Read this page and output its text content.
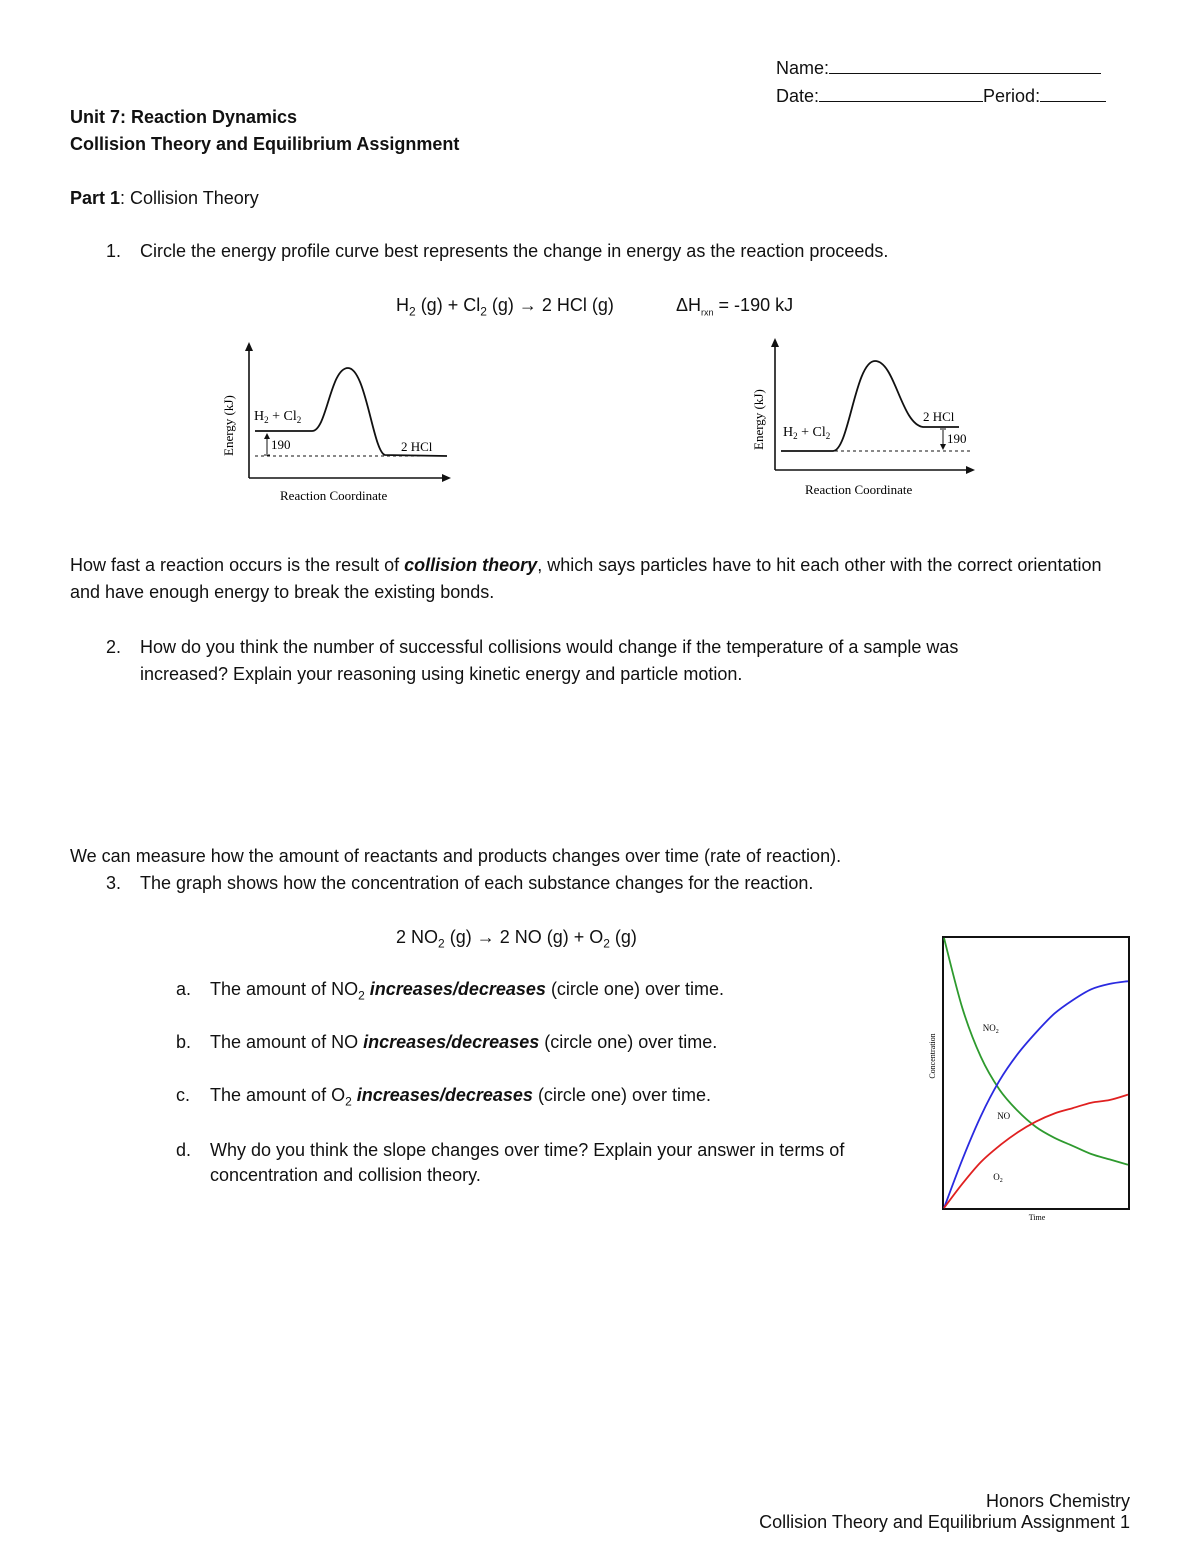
Name:
Date:	Period:
Unit 7: Reaction Dynamics
Collision Theory and Equilibrium Assignment
Part 1: Collision Theory
1. Circle the energy profile curve best represents the change in energy as the reaction proceeds.
$H_2$ $(g) + Cl_2$ (g) → 2 HCl (g)	$\Delta H_{rxn} = -190$ kJ
$H_2 + Cl_2$
190	2 HCl
Energy (kJ)
Reaction Coordinate
$H_2 + Cl_2$
2 HCl
190
Energy (kJ)
Reaction Coordinate
How fast a reaction occurs is the result of collision theory, which says particles have to hit each other with the correct orientation and have enough energy to break the existing bonds.
2.	How do you think the number of successful collisions would change if the temperature of a sample was increased? Explain your reasoning using kinetic energy and particle motion.
We can measure how the amount of reactants and products changes over time (rate of reaction).
3. The graph shows how the concentration of each substance changes for the reaction.
2 $NO_2$ (g) → 2 NO $(g) + O_2$ (g)
a. The amount of $NO_2$ increases/decreases (circle one) over time.
b. The amount of NO increases/decreases (circle one) over time.
c. The amount of $O_2$ increases/decreases (circle one) over time.
d.	Why do you think the slope changes over time? Explain your answer in terms of concentration and collision theory.
$NO_2$
NO
$O_2$
Concentration
Time
Honors Chemistry
Collision Theory and Equilibrium Assignment 1
